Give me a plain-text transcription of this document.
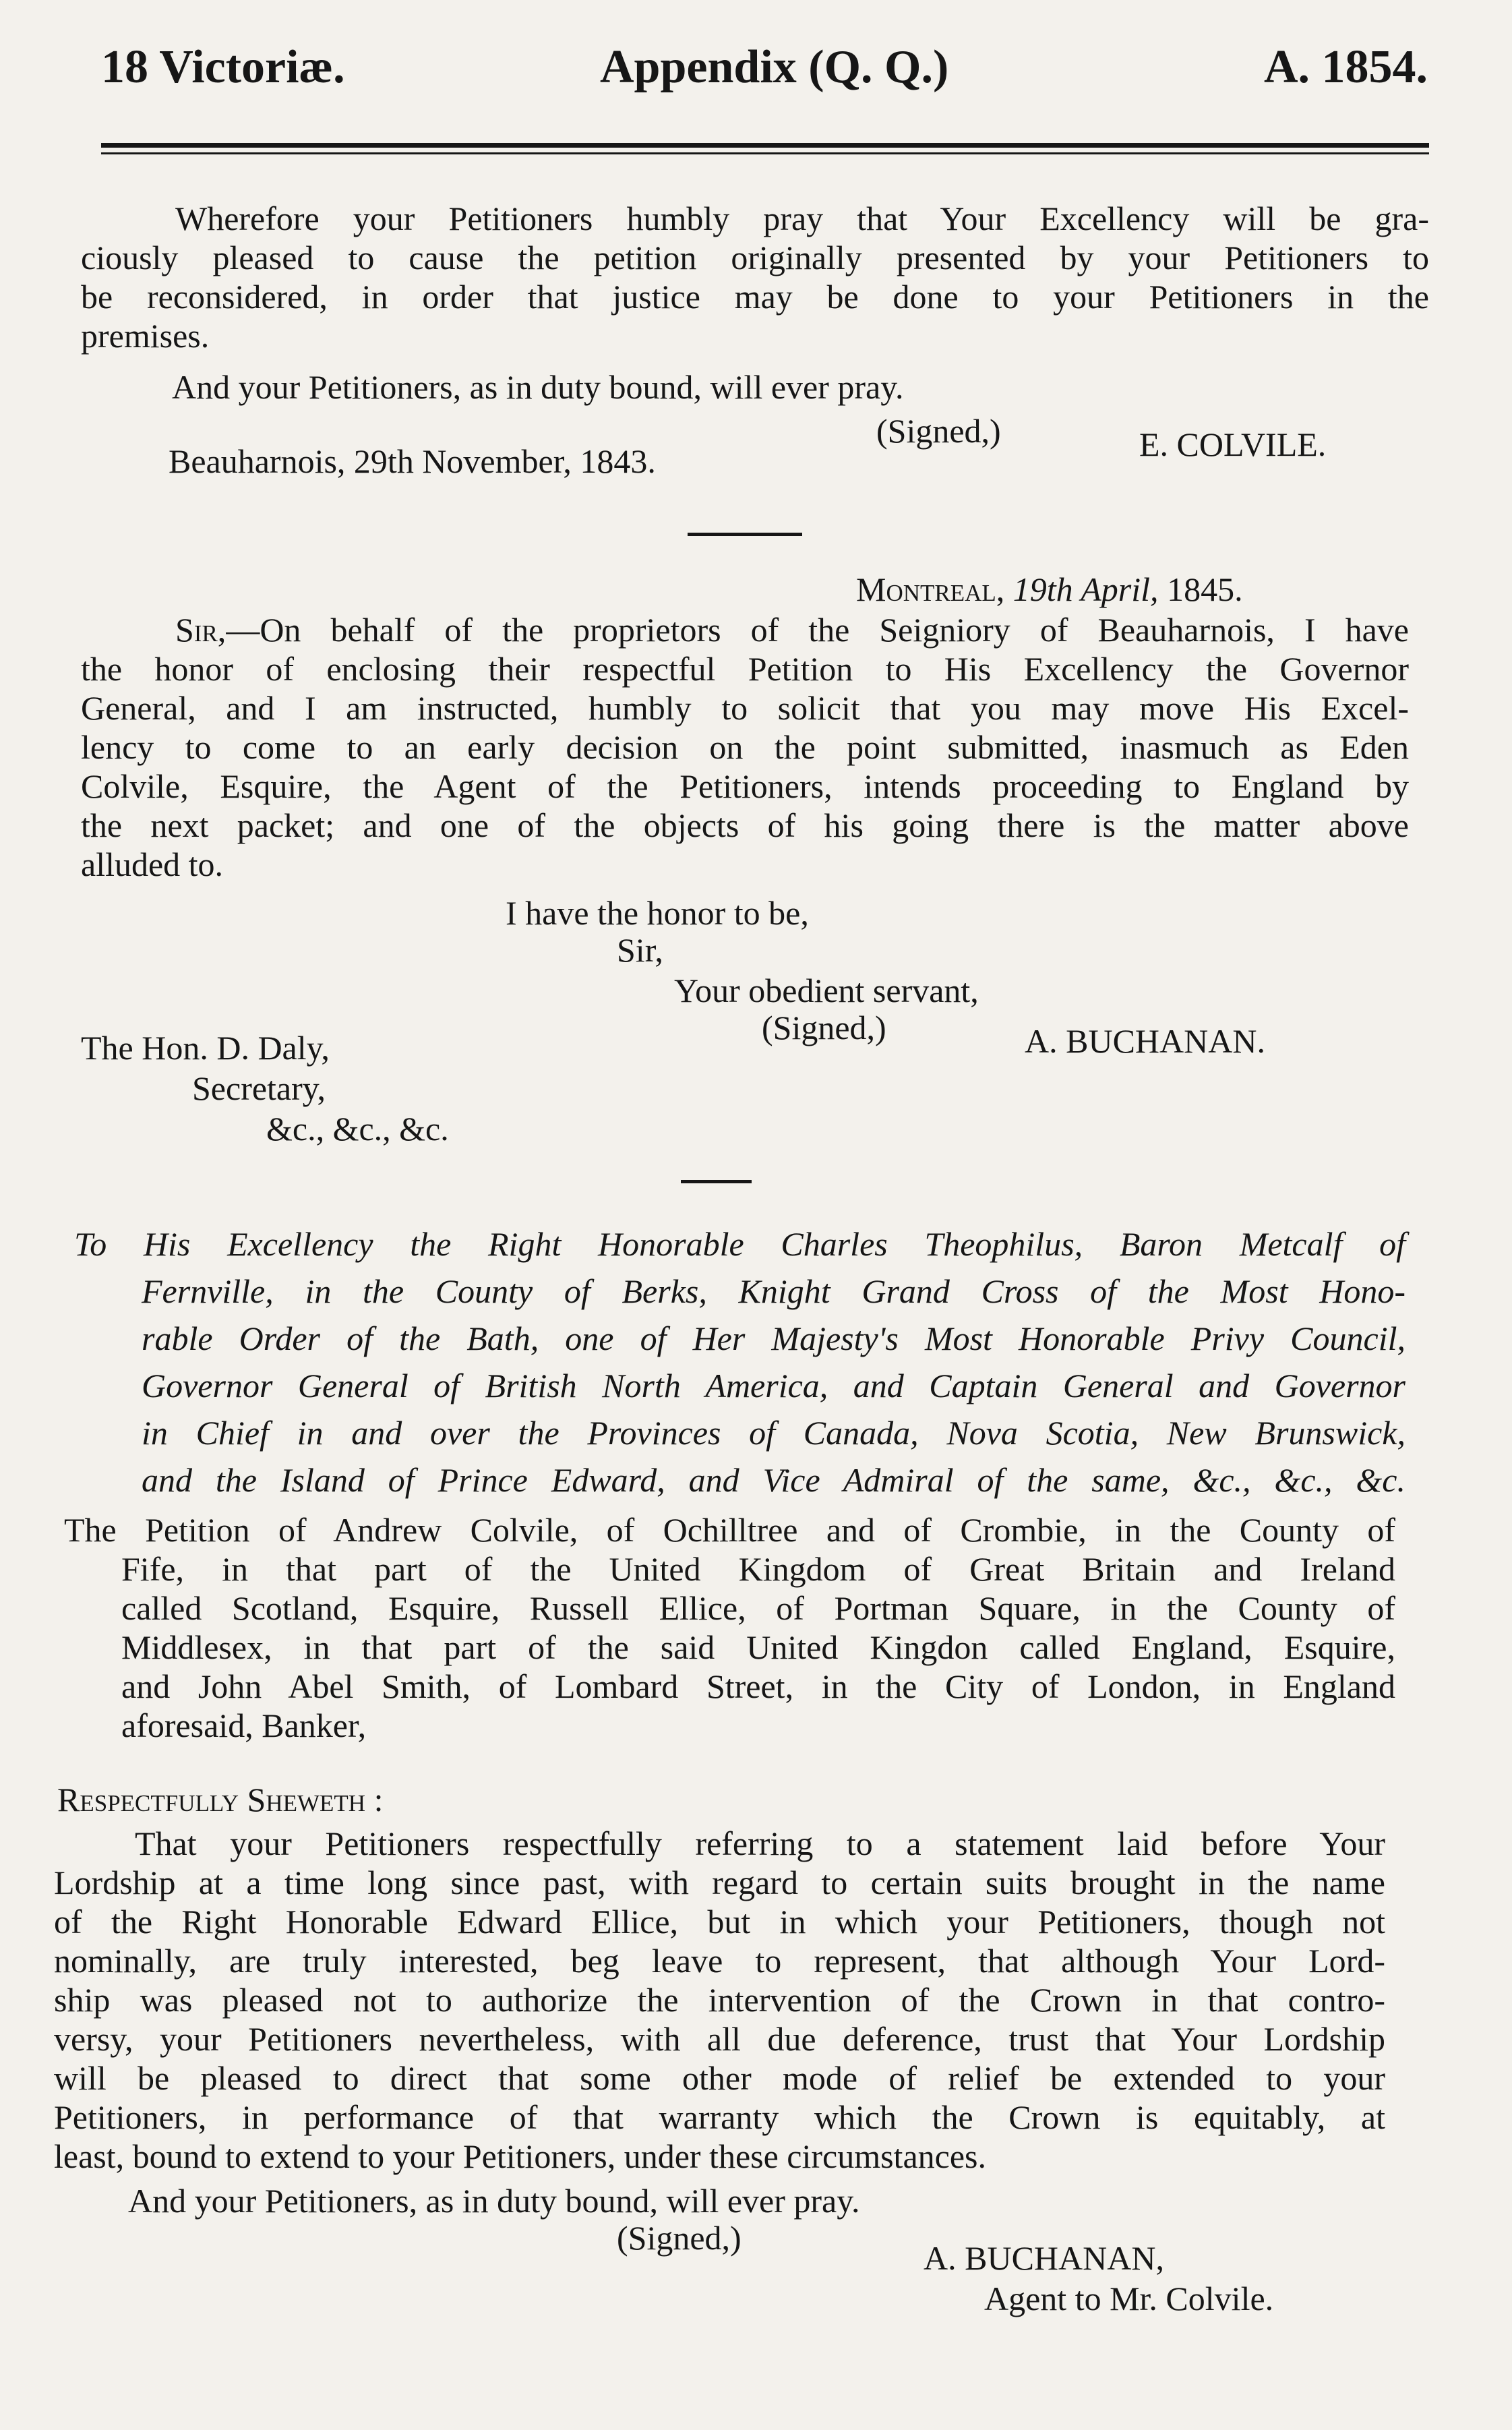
18 Victoriæ.	Appendix (Q. Q.)	A. 1854.
Wherefore your Petitioners humbly pray that Your Excellency will be gra-
ciously pleased to cause the petition originally presented by your Petitioners to
be reconsidered, in order that justice may be done to your Petitioners in the
premises.
And your Petitioners, as in duty bound, will ever pray.
(Signed,)	E. COLVILE.
Beauharnois, 29th November, 1843.
Montreal, 19th April, 1845.
Sir,—On behalf of the proprietors of the Seigniory of Beauharnois, I have
the honor of enclosing their respectful Petition to His Excellency the Governor
General, and I am instructed, humbly to solicit that you may move His Excel-
lency to come to an early decision on the point submitted, inasmuch as Eden
Colvile, Esquire, the Agent of the Petitioners, intends proceeding to England by
the next packet; and one of the objects of his going there is the matter above
alluded to.
I have the honor to be,
Sir,
Your obedient servant,
(Signed,)	A. BUCHANAN.
The Hon. D. Daly,
Secretary,
&c., &c., &c.
To His Excellency the Right Honorable Charles Theophilus, Baron Metcalf of
Fernville, in the County of Berks, Knight Grand Cross of the Most Hono-
rable Order of the Bath, one of Her Majesty's Most Honorable Privy Council,
Governor General of British North America, and Captain General and Governor
in Chief in and over the Provinces of Canada, Nova Scotia, New Brunswick,
and the Island of Prince Edward, and Vice Admiral of the same, &c., &c., &c.
The Petition of Andrew Colvile, of Ochilltree and of Crombie, in the County of
Fife, in that part of the United Kingdom of Great Britain and Ireland
called Scotland, Esquire, Russell Ellice, of Portman Square, in the County of
Middlesex, in that part of the said United Kingdon called England, Esquire,
and John Abel Smith, of Lombard Street, in the City of London, in England
aforesaid, Banker,
Respectfully Sheweth :
That your Petitioners respectfully referring to a statement laid before Your
Lordship at a time long since past, with regard to certain suits brought in the name
of the Right Honorable Edward Ellice, but in which your Petitioners, though not
nominally, are truly interested, beg leave to represent, that although Your Lord-
ship was pleased not to authorize the intervention of the Crown in that contro-
versy, your Petitioners nevertheless, with all due deference, trust that Your Lordship
will be pleased to direct that some other mode of relief be extended to your
Petitioners, in performance of that warranty which the Crown is equitably, at
least, bound to extend to your Petitioners, under these circumstances.
And your Petitioners, as in duty bound, will ever pray.
(Signed,)
A. BUCHANAN,
Agent to Mr. Colvile.
